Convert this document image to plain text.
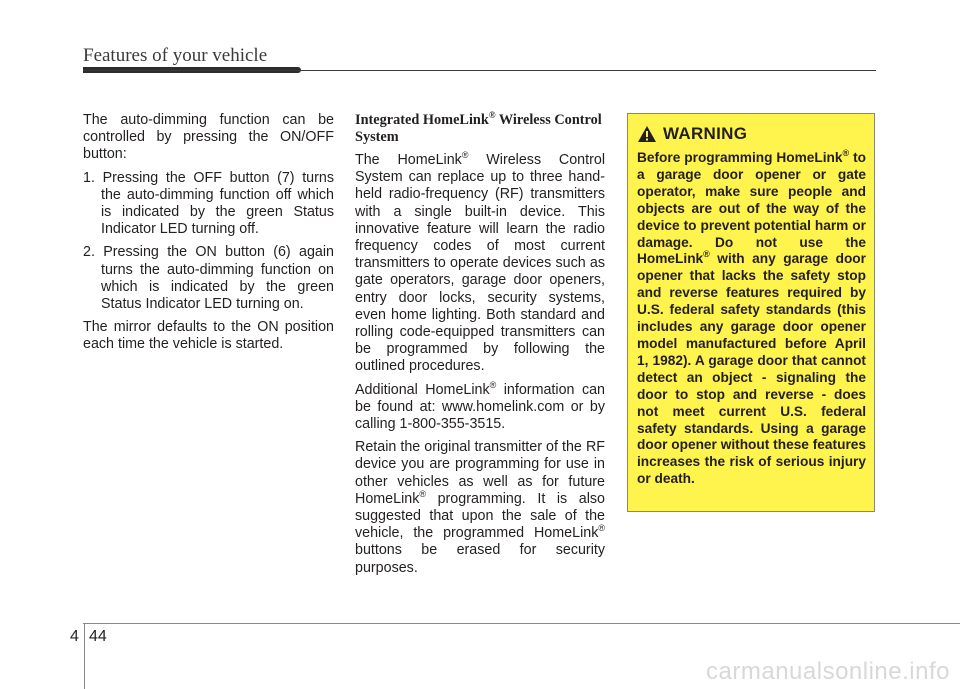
Features of your vehicle

The auto-dimming function can be controlled by pressing the ON/OFF button:

1. Pressing the OFF button (7) turns the auto-dimming function off which is indicated by the green Status Indicator LED turning off.
2. Pressing the ON button (6) again turns the auto-dimming function on which is indicated by the green Status Indicator LED turning on.

The mirror defaults to the ON position each time the vehicle is started.

Integrated HomeLink® Wireless Control System

The HomeLink® Wireless Control System can replace up to three hand-held radio-frequency (RF) transmitters with a single built-in device. This innovative feature will learn the radio frequency codes of most current transmitters to operate devices such as gate operators, garage door openers, entry door locks, security systems, even home lighting. Both standard and rolling code-equipped transmitters can be programmed by following the outlined procedures.

Additional HomeLink® information can be found at: www.homelink.com or by calling 1-800-355-3515.

Retain the original transmitter of the RF device you are programming for use in other vehicles as well as for future HomeLink® programming. It is also suggested that upon the sale of the vehicle, the programmed HomeLink® buttons be erased for security purposes.

WARNING

Before programming HomeLink® to a garage door opener or gate operator, make sure people and objects are out of the way of the device to prevent potential harm or damage. Do not use the HomeLink® with any garage door opener that lacks the safety stop and reverse features required by U.S. federal safety standards (this includes any garage door opener model manufactured before April 1, 1982). A garage door that cannot detect an object - signaling the door to stop and reverse - does not meet current U.S. federal safety standards. Using a garage door opener without these features increases the risk of serious injury or death.

4 44
carmanualsonline.info
